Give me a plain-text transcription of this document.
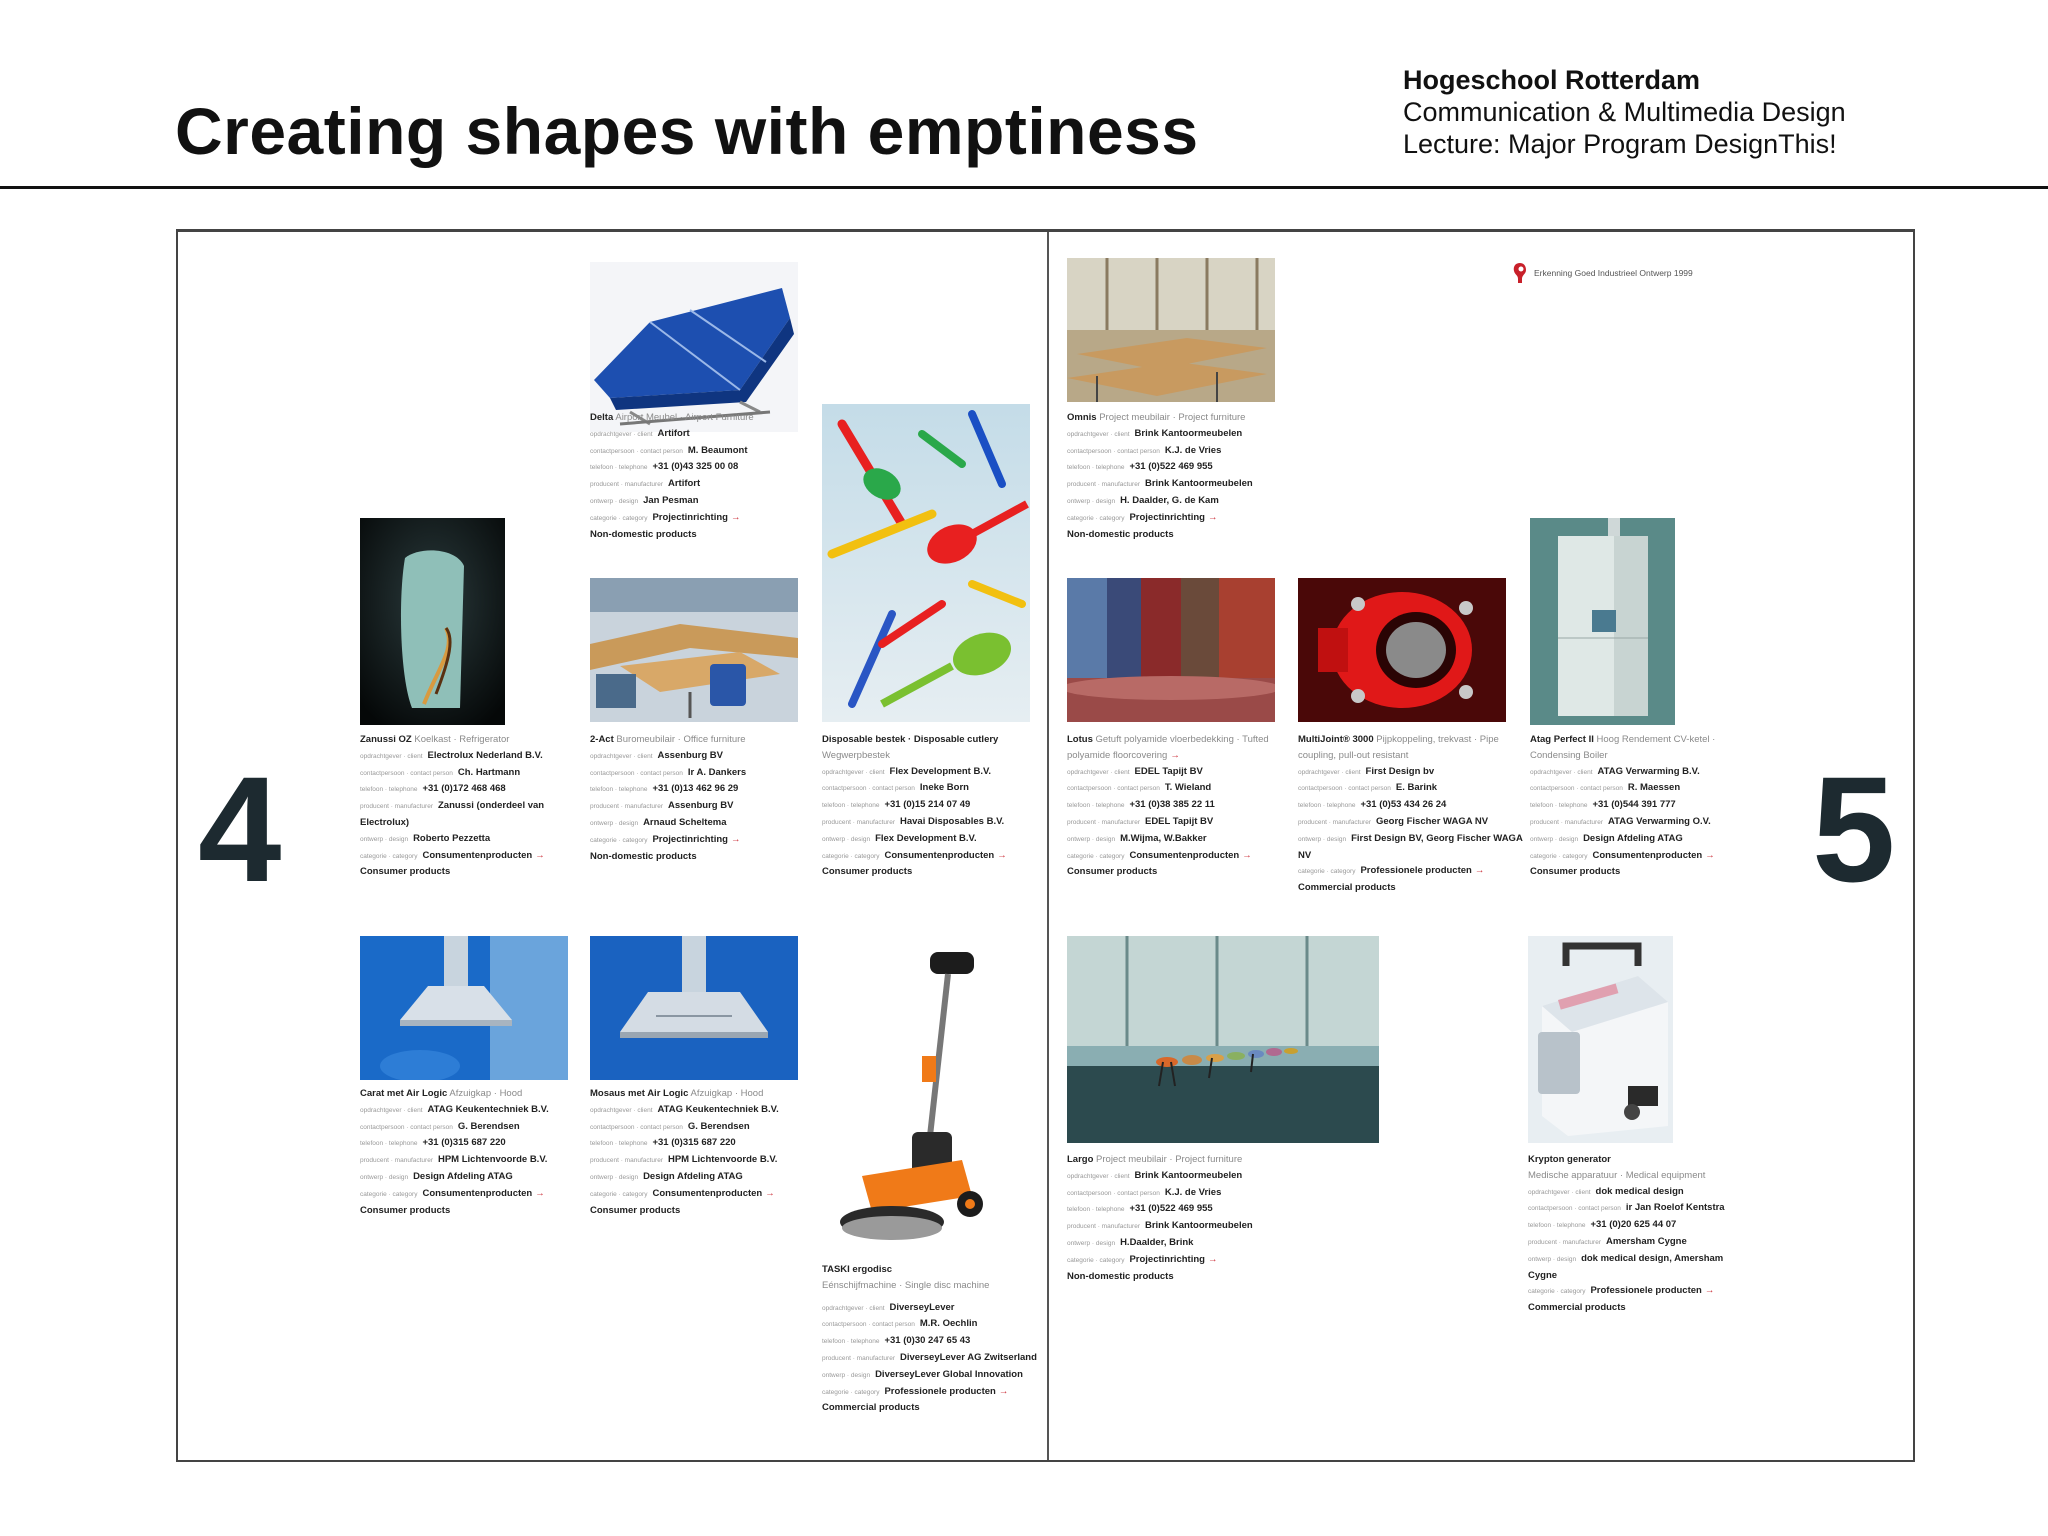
Creating shapes with emptiness
Hogeschool Rotterdam
Communication & Multimedia Design
Lecture: Major Program DesignThis!
4	5
Erkenning Goed Industrieel Ontwerp 1999
Delta Airport Meubel · Airport Furniture
opdrachtgever · client Artifort
contactpersoon · contact person M. Beaumont
telefoon · telephone +31 (0)43 325 00 08
producent · manufacturer Artifort
ontwerp · design Jan Pesman
categorie · category Projectinrichting →
Non-domestic products
Zanussi OZ Koelkast · Refrigerator
opdrachtgever · client Electrolux Nederland B.V.
contactpersoon · contact person Ch. Hartmann
telefoon · telephone +31 (0)172 468 468
producent · manufacturer Zanussi (onderdeel van Electrolux)
ontwerp · design Roberto Pezzetta
categorie · category Consumentenproducten →
Consumer products
2-Act Buromeubilair · Office furniture
opdrachtgever · client Assenburg BV
contactpersoon · contact person Ir A. Dankers
telefoon · telephone +31 (0)13 462 96 29
producent · manufacturer Assenburg BV
ontwerp · design Arnaud Scheltema
categorie · category Projectinrichting →
Non-domestic products
Disposable bestek · Disposable cutlery
Wegwerpbestek
opdrachtgever · client Flex Development B.V.
contactpersoon · contact person Ineke Born
telefoon · telephone +31 (0)15 214 07 49
producent · manufacturer Havai Disposables B.V.
ontwerp · design Flex Development B.V.
categorie · category Consumentenproducten →
Consumer products
Carat met Air Logic Afzuigkap · Hood
opdrachtgever · client ATAG Keukentechniek B.V.
contactpersoon · contact person G. Berendsen
telefoon · telephone +31 (0)315 687 220
producent · manufacturer HPM Lichtenvoorde B.V.
ontwerp · design Design Afdeling ATAG
categorie · category Consumentenproducten →
Consumer products
Mosaus met Air Logic Afzuigkap · Hood
opdrachtgever · client ATAG Keukentechniek B.V.
contactpersoon · contact person G. Berendsen
telefoon · telephone +31 (0)315 687 220
producent · manufacturer HPM Lichtenvoorde B.V.
ontwerp · design Design Afdeling ATAG
categorie · category Consumentenproducten →
Consumer products
TASKI ergodisc
Eénschijfmachine · Single disc machine
opdrachtgever · client DiverseyLever
contactpersoon · contact person M.R. Oechlin
telefoon · telephone +31 (0)30 247 65 43
producent · manufacturer DiverseyLever AG Zwitserland
ontwerp · design DiverseyLever Global Innovation
categorie · category Professionele producten →
Commercial products
Omnis Project meubilair · Project furniture
opdrachtgever · client Brink Kantoormeubelen
contactpersoon · contact person K.J. de Vries
telefoon · telephone +31 (0)522 469 955
producent · manufacturer Brink Kantoormeubelen
ontwerp · design H. Daalder, G. de Kam
categorie · category Projectinrichting →
Non-domestic products
Lotus Getuft polyamide vloerbedekking · Tufted polyamide floorcovering →
opdrachtgever · client EDEL Tapijt BV
contactpersoon · contact person T. Wieland
telefoon · telephone +31 (0)38 385 22 11
producent · manufacturer EDEL Tapijt BV
ontwerp · design M.Wijma, W.Bakker
categorie · category Consumentenproducten →
Consumer products
MultiJoint® 3000 Pijpkoppeling, trekvast · Pipe coupling, pull-out resistant
opdrachtgever · client First Design bv
contactpersoon · contact person E. Barink
telefoon · telephone +31 (0)53 434 26 24
producent · manufacturer Georg Fischer WAGA NV
ontwerp · design First Design BV, Georg Fischer WAGA NV
categorie · category Professionele producten →
Commercial products
Atag Perfect II Hoog Rendement CV-ketel · Condensing Boiler
opdrachtgever · client ATAG Verwarming B.V.
contactpersoon · contact person R. Maessen
telefoon · telephone +31 (0)544 391 777
producent · manufacturer ATAG Verwarming O.V.
ontwerp · design Design Afdeling ATAG
categorie · category Consumentenproducten →
Consumer products
Largo Project meubilair · Project furniture
opdrachtgever · client Brink Kantoormeubelen
contactpersoon · contact person K.J. de Vries
telefoon · telephone +31 (0)522 469 955
producent · manufacturer Brink Kantoormeubelen
ontwerp · design H.Daalder, Brink
categorie · category Projectinrichting →
Non-domestic products
Krypton generator
Medische apparatuur · Medical equipment
opdrachtgever · client dok medical design
contactpersoon · contact person ir Jan Roelof Kentstra
telefoon · telephone +31 (0)20 625 44 07
producent · manufacturer Amersham Cygne
ontwerp · design dok medical design, Amersham Cygne
categorie · category Professionele producten →
Commercial products
